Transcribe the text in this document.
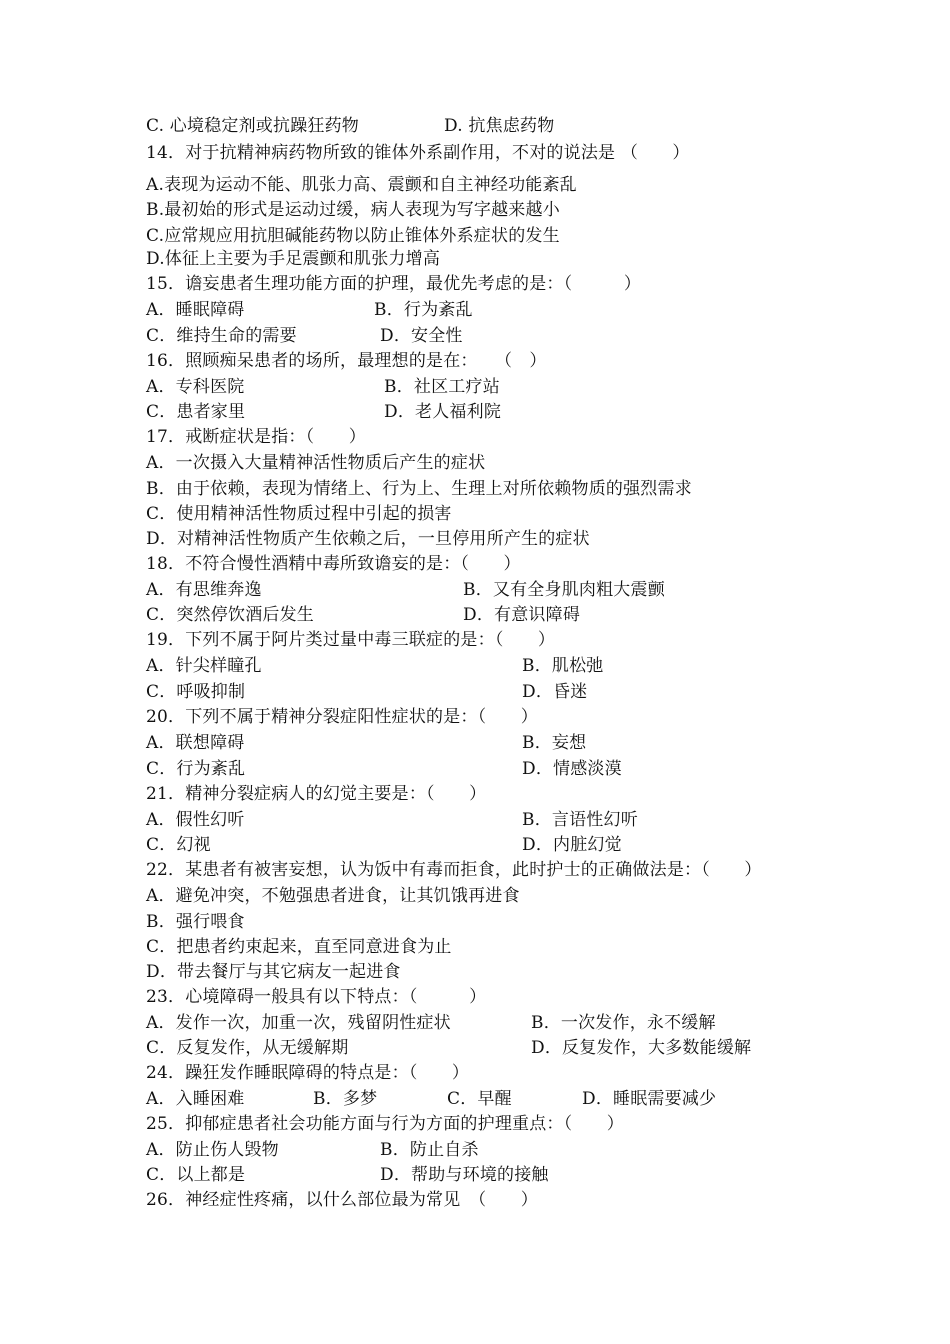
C. 心境稳定剂或抗躁狂药物	D. 抗焦虑药物
14．对于抗精神病药物所致的锥体外系副作用，不对的说法是 （　　）
A.表现为运动不能、肌张力高、震颤和自主神经功能紊乱
B.最初始的形式是运动过缓，病人表现为写字越来越小
C.应常规应用抗胆碱能药物以防止锥体外系症状的发生
D.体征上主要为手足震颤和肌张力增高
15．谵妄患者生理功能方面的护理，最优先考虑的是：（　　　）
A．睡眠障碍	B．行为紊乱
C．维持生命的需要	D．安全性
16．照顾痴呆患者的场所，最理想的是在：　　（　）
A．专科医院	B．社区工疗站
C．患者家里	D．老人福利院
17．戒断症状是指：（　　）
A．一次摄入大量精神活性物质后产生的症状
B．由于依赖，表现为情绪上、行为上、生理上对所依赖物质的强烈需求
C．使用精神活性物质过程中引起的损害
D．对精神活性物质产生依赖之后，一旦停用所产生的症状
18．不符合慢性酒精中毒所致谵妄的是：（　　）
A．有思维奔逸	B．又有全身肌肉粗大震颤
C．突然停饮酒后发生	D．有意识障碍
19．下列不属于阿片类过量中毒三联症的是：（　　）
A．针尖样瞳孔	B．肌松弛
C．呼吸抑制	D．昏迷
20．下列不属于精神分裂症阳性症状的是：（　　）
A．联想障碍	B．妄想
C．行为紊乱	D．情感淡漠
21．精神分裂症病人的幻觉主要是：（　　）
A．假性幻听	B．言语性幻听
C．幻视	D．内脏幻觉
22．某患者有被害妄想，认为饭中有毒而拒食，此时护士的正确做法是：（　　）
A．避免冲突，不勉强患者进食，让其饥饿再进食
B．强行喂食
C．把患者约束起来，直至同意进食为止
D．带去餐厅与其它病友一起进食
23．心境障碍一般具有以下特点：（　　　）
A．发作一次，加重一次，残留阴性症状	B．一次发作，永不缓解
C．反复发作，从无缓解期	D．反复发作，大多数能缓解
24．躁狂发作睡眠障碍的特点是：（　　）
A．入睡困难	B．多梦	C．早醒	D．睡眠需要减少
25．抑郁症患者社会功能方面与行为方面的护理重点：（　　）
A．防止伤人毁物	B．防止自杀
C．以上都是	D．帮助与环境的接触
26．神经症性疼痛，以什么部位最为常见　（　　）
